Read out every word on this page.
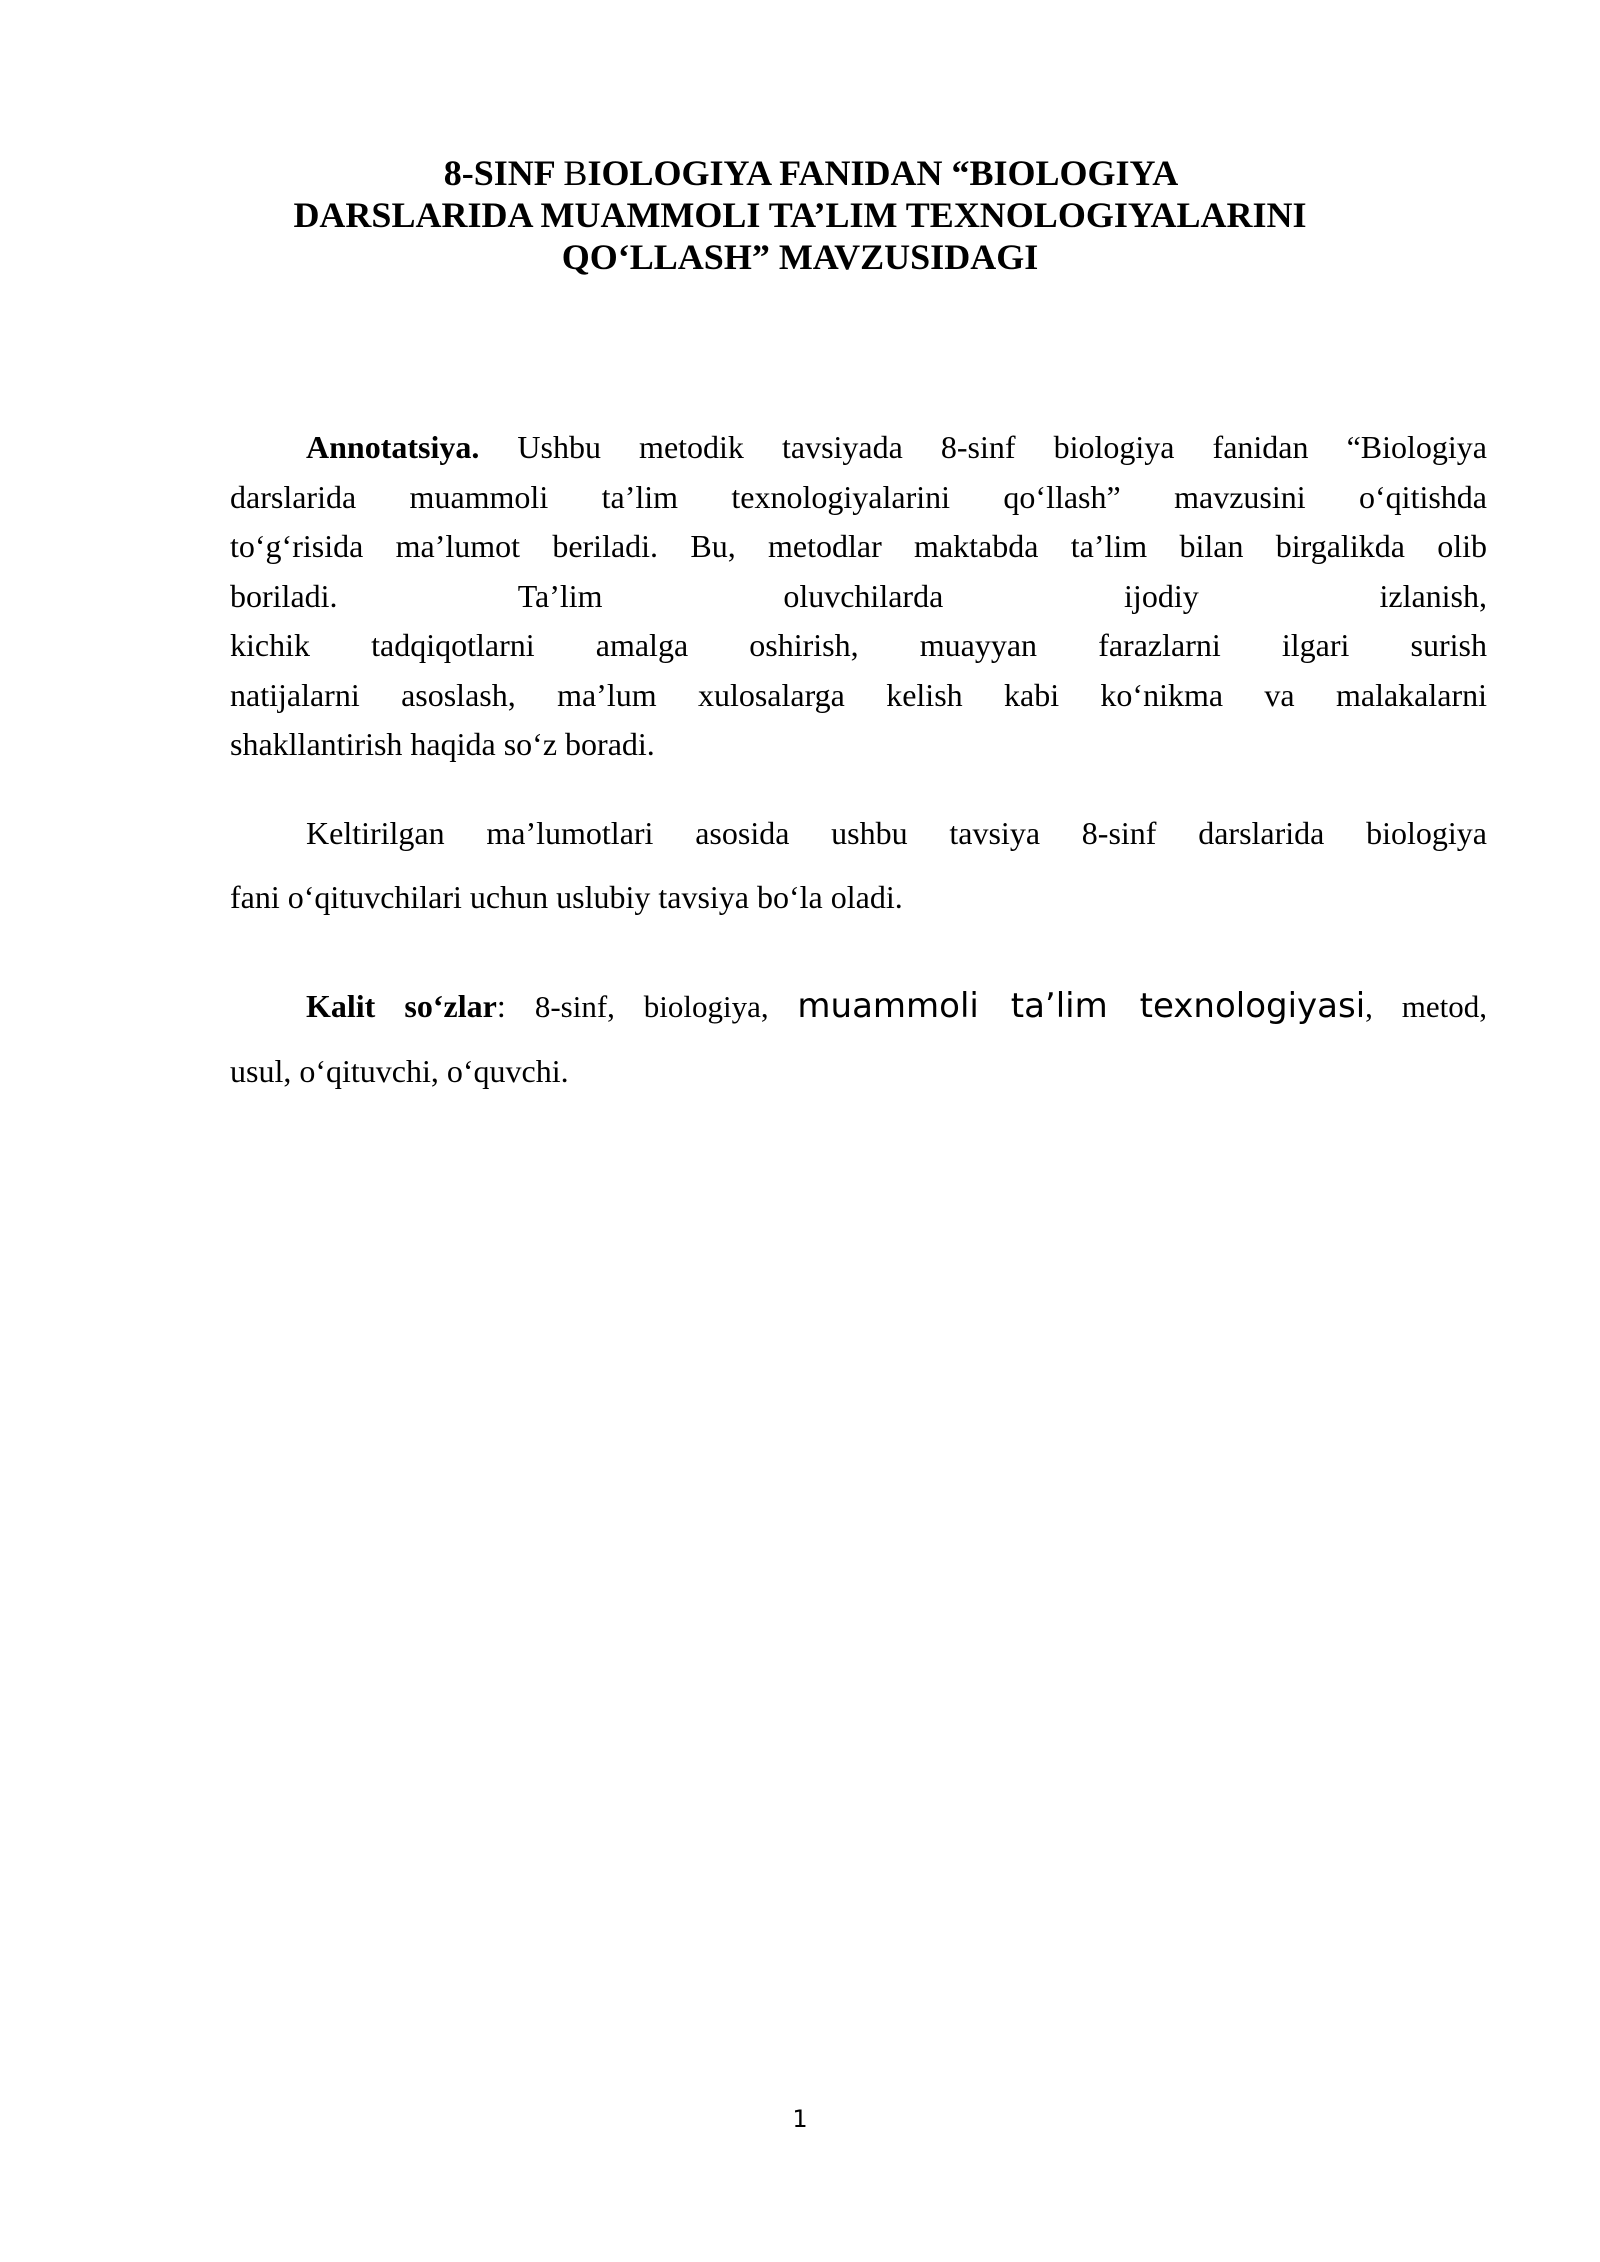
8-SINF BIOLOGIYA FANIDAN “BIOLOGIYA
DARSLARIDA MUAMMOLI TA’LIM TEXNOLOGIYALARINI
QO‘LLASH” MAVZUSIDAGI
Annotatsiya. Ushbu metodik tavsiyada 8-sinf biologiya fanidan “Biologiya
darslarida muammoli ta’lim texnologiyalarini qo‘llash” mavzusini o‘qitishda
to‘g‘risida ma’lumot beriladi. Bu, metodlar maktabda ta’lim bilan birgalikda olib
boriladi. Ta’lim oluvchilarda ijodiy izlanish,
kichik tadqiqotlarni amalga oshirish, muayyan farazlarni ilgari surish
natijalarni asoslash, ma’lum xulosalarga kelish kabi ko‘nikma va malakalarni
shakllantirish haqida so‘z boradi.
Keltirilgan ma’lumotlari asosida ushbu tavsiya 8-sinf darslarida biologiya
fani o‘qituvchilari uchun uslubiy tavsiya bo‘la oladi.
Kalit so‘zlar: 8-sinf, biologiya, muammoli ta’lim texnologiyasi, metod,
usul, o‘qituvchi, o‘quvchi.
1
